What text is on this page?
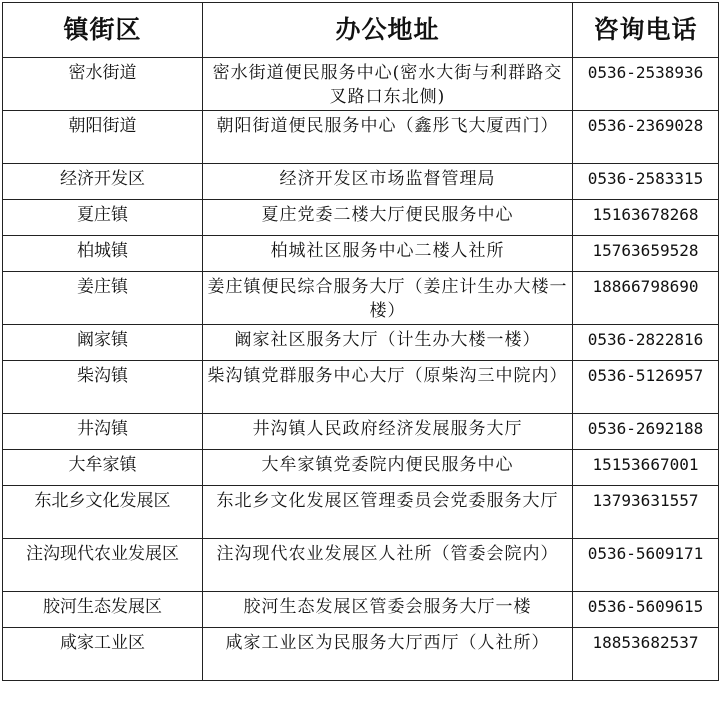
镇街区	办公地址	咨询电话
密水街道	密水街道便民服务中心(密水大街与利群路交叉路口东北侧)	0536-2538936
朝阳街道	朝阳街道便民服务中心（鑫彤飞大厦西门）	0536-2369028
经济开发区	经济开发区市场监督管理局	0536-2583315
夏庄镇	夏庄党委二楼大厅便民服务中心	15163678268
柏城镇	柏城社区服务中心二楼人社所	15763659528
姜庄镇	姜庄镇便民综合服务大厅（姜庄计生办大楼一楼）	18866798690
阚家镇	阚家社区服务大厅（计生办大楼一楼）	0536-2822816
柴沟镇	柴沟镇党群服务中心大厅（原柴沟三中院内）	0536-5126957
井沟镇	井沟镇人民政府经济发展服务大厅	0536-2692188
大牟家镇	大牟家镇党委院内便民服务中心	15153667001
东北乡文化发展区	东北乡文化发展区管理委员会党委服务大厅	13793631557
注沟现代农业发展区	注沟现代农业发展区人社所（管委会院内）	0536-5609171
胶河生态发展区	胶河生态发展区管委会服务大厅一楼	0536-5609615
咸家工业区	咸家工业区为民服务大厅西厅（人社所）	18853682537
